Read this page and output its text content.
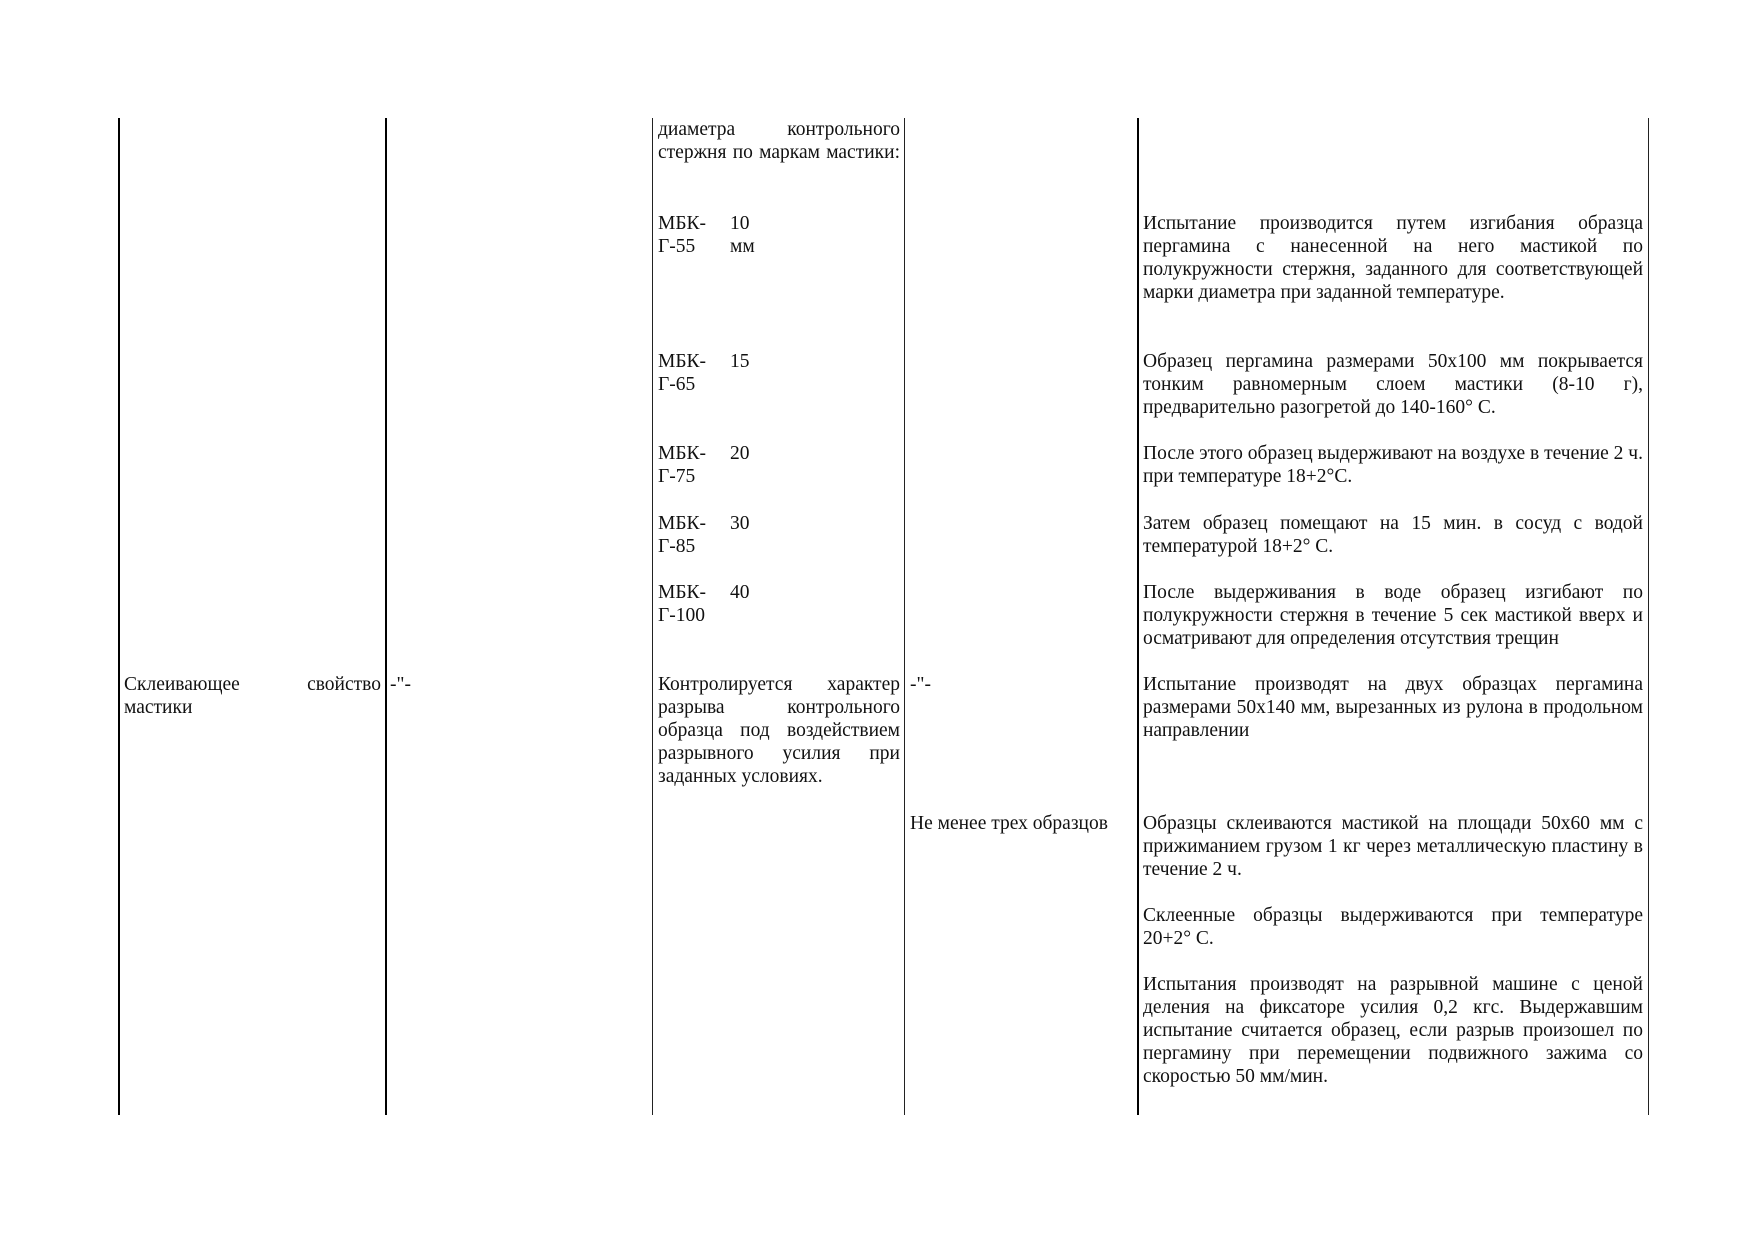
диаметра контрольного стержня по маркам мастики:
МБК-Г-55
10 мм
МБК-Г-65
15
МБК-Г-75
20
МБК-Г-85
30
МБК-Г-100
40
Испытание производится путем изгибания образца пергамина с нанесенной на него мастикой по полукружности стержня, заданного для соответствующей марки диаметра при заданной температуре.
Образец пергамина размерами 50х100 мм покрывается тонким равномерным слоем мастики (8-10 г), предварительно разогретой до 140-160° С.
После этого образец выдерживают на воздухе в течение 2 ч. при температуре 18+2°С.
Затем образец помещают на 15 мин. в сосуд с водой температурой 18+2° С.
После выдерживания в воде образец изгибают по полукружности стержня в течение 5 сек мастикой вверх и осматривают для определения отсутствия трещин
Склеивающее свойство мастики
-"-	Контролируется характер разрыва контрольного образца под воздействием разрывного усилия при заданных условиях.
-"-
Не менее трех образцов
Испытание производят на двух образцах пергамина размерами 50х140 мм, вырезанных из рулона в продольном направлении
Образцы склеиваются мастикой на площади 50х60 мм с прижиманием грузом 1 кг через металлическую пластину в течение 2 ч.
Склеенные образцы выдерживаются при температуре 20+2° С.
Испытания производят на разрывной машине с ценой деления на фиксаторе усилия 0,2 кгс. Выдержавшим испытание считается образец, если разрыв произошел по пергамину при перемещении подвижного зажима со скоростью 50 мм/мин.
